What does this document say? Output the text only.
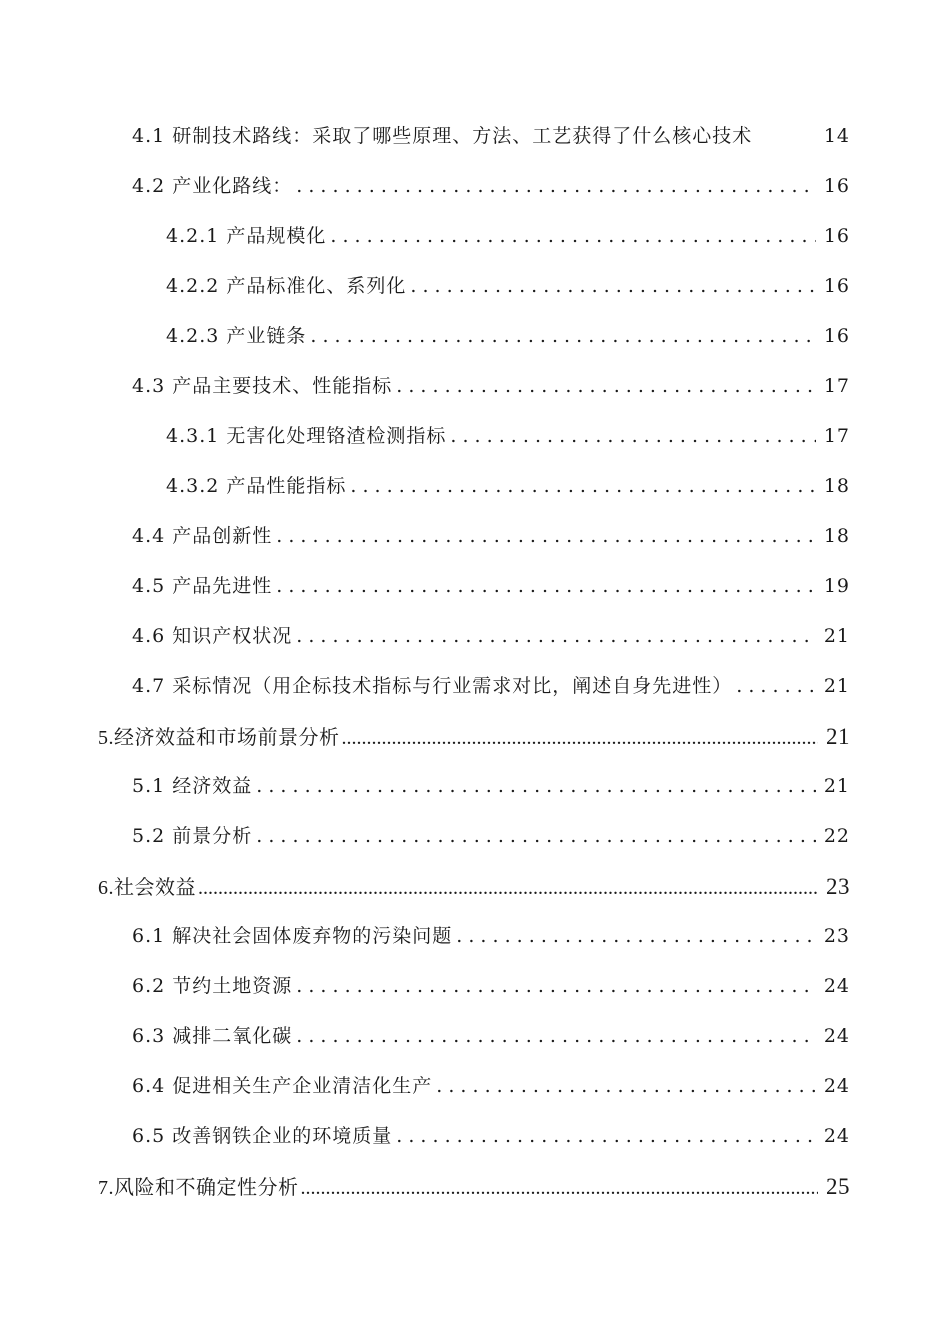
4.1 研制技术路线：采取了哪些原理、方法、工艺获得了什么核心技术	14
4.2 产业化路线： . . .	16
4.2.1 产品规模化 . . .	16
4.2.2 产品标准化、系列化 . . .	16
4.2.3 产业链条 . . .	16
4.3 产品主要技术、性能指标 . . .	17
4.3.1 无害化处理铬渣检测指标 . . .	17
4.3.2 产品性能指标 . . .	18
4.4 产品创新性 . . .	18
4.5 产品先进性 . . .	19
4.6 知识产权状况 . . .	21
4.7 采标情况（用企标技术指标与行业需求对比，阐述自身先进性） . . .	21
5.经济效益和市场前景分析 .....	21
5.1 经济效益 . . .	21
5.2 前景分析 . . .	22
6.社会效益 .....	23
6.1 解决社会固体废弃物的污染问题 . . .	23
6.2 节约土地资源 . . .	24
6.3 减排二氧化碳 . . .	24
6.4 促进相关生产企业清洁化生产 . . .	24
6.5 改善钢铁企业的环境质量 . . .	24
7.风险和不确定性分析 .....	25
